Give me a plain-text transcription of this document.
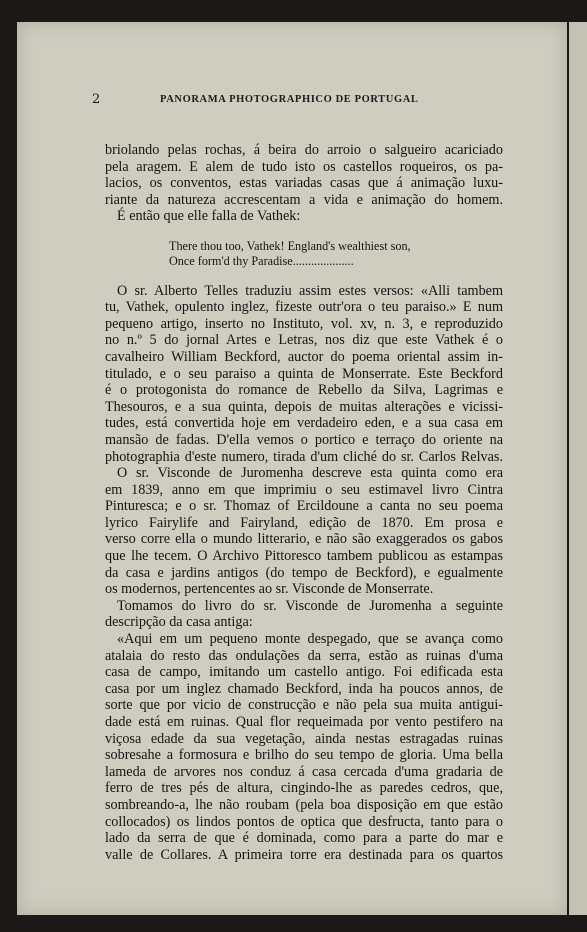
2	PANORAMA PHOTOGRAPHICO DE PORTUGAL
briolando pelas rochas, á beira do arroio o salgueiro acariciado
pela aragem. E alem de tudo isto os castellos roqueiros, os pa-
lacios, os conventos, estas variadas casas que á animação luxu-
riante da natureza accrescentam a vida e animação do homem.
É então que elle falla de Vathek:
There thou too, Vathek! England's wealthiest son,
Once form'd thy Paradise....................
O sr. Alberto Telles traduziu assim estes versos: «Alli tambem
tu, Vathek, opulento inglez, fizeste outr'ora o teu paraiso.» E num
pequeno artigo, inserto no Instituto, vol. xv, n. 3, e reproduzido
no n.º 5 do jornal Artes e Letras, nos diz que este Vathek é o
cavalheiro William Beckford, auctor do poema oriental assim in-
titulado, e o seu paraiso a quinta de Monserrate. Este Beckford
é o protogonista do romance de Rebello da Silva, Lagrimas e
Thesouros, e a sua quinta, depois de muitas alterações e vicissi-
tudes, está convertida hoje em verdadeiro eden, e a sua casa em
mansão de fadas. D'ella vemos o portico e terraço do oriente na
photographia d'este numero, tirada d'um cliché do sr. Carlos Relvas.
O sr. Visconde de Juromenha descreve esta quinta como era
em 1839, anno em que imprimiu o seu estimavel livro Cintra
Pinturesca; e o sr. Thomaz of Ercildoune a canta no seu poema
lyrico Fairylife and Fairyland, edição de 1870. Em prosa e
verso corre ella o mundo litterario, e não são exaggerados os gabos
que lhe tecem. O Archivo Pittoresco tambem publicou as estampas
da casa e jardins antigos (do tempo de Beckford), e egualmente
os modernos, pertencentes ao sr. Visconde de Monserrate.
Tomamos do livro do sr. Visconde de Juromenha a seguinte
descripção da casa antiga:
«Aqui em um pequeno monte despegado, que se avança como
atalaia do resto das ondulações da serra, estão as ruinas d'uma
casa de campo, imitando um castello antigo. Foi edificada esta
casa por um inglez chamado Beckford, inda ha poucos annos, de
sorte que por vicio de construcção e não pela sua muita antigui-
dade está em ruinas. Qual flor requeimada por vento pestifero na
viçosa edade da sua vegetação, ainda nestas estragadas ruinas
sobresahe a formosura e brilho do seu tempo de gloria. Uma bella
lameda de arvores nos conduz á casa cercada d'uma gradaria de
ferro de tres pés de altura, cingindo-lhe as paredes cedros, que,
sombreando-a, lhe não roubam (pela boa disposição em que estão
collocados) os lindos pontos de optica que desfructa, tanto para o
lado da serra de que é dominada, como para a parte do mar e
valle de Collares. A primeira torre era destinada para os quartos
